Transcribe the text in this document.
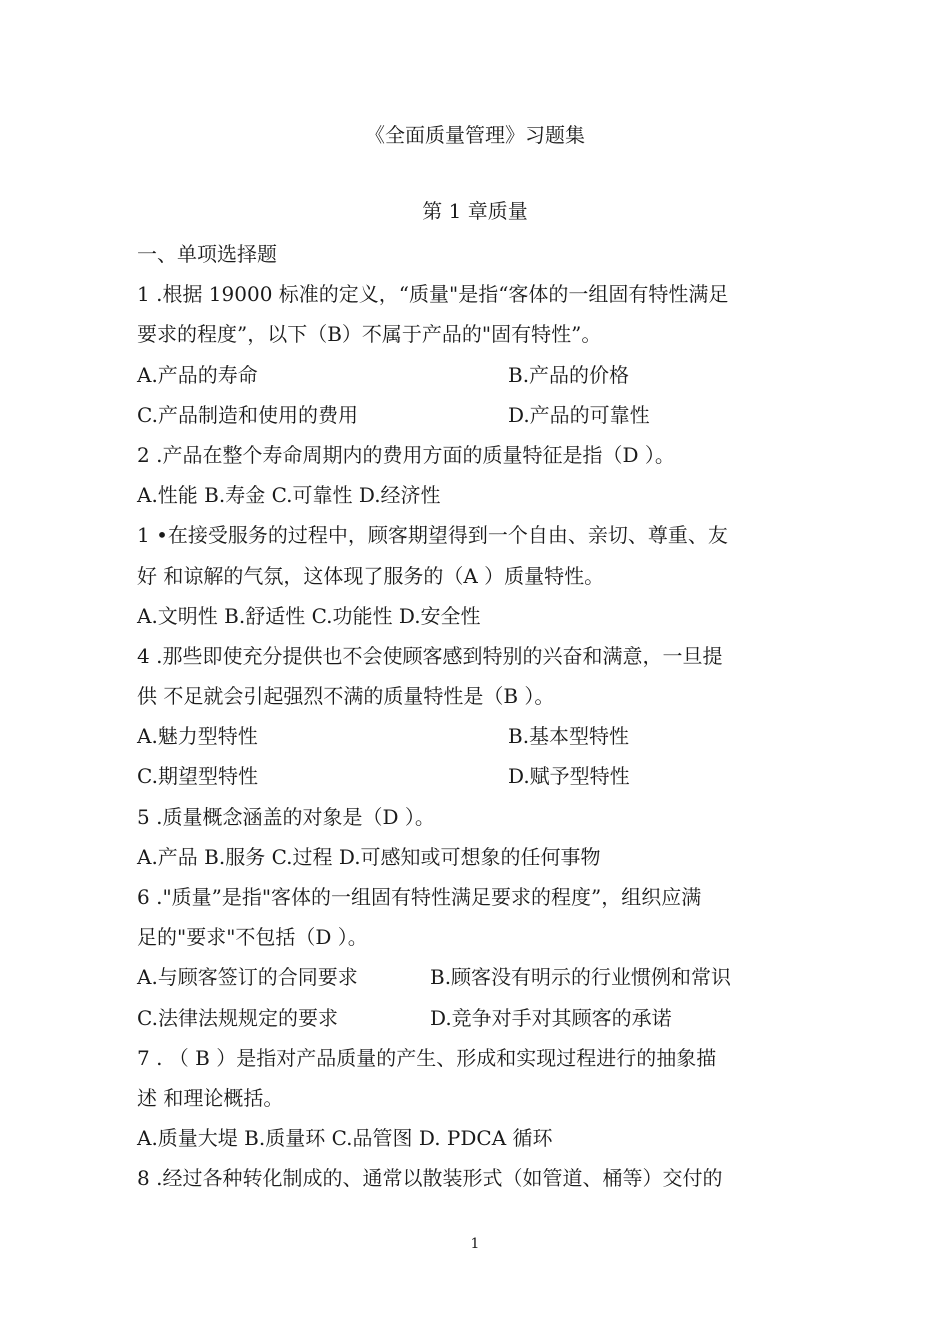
《全面质量管理》习题集
第 1 章质量
一、单项选择题
1 .根据 19000 标准的定义，“质量"是指“客体的一组固有特性满足
要求的程度”，以下（B）不属于产品的"固有特性”。
A.产品的寿命	B.产品的价格
C.产品制造和使用的费用	D.产品的可靠性
2 .产品在整个寿命周期内的费用方面的质量特征是指（D ）。
A.性能 B.寿金 C.可靠性 D.经济性
1 •在接受服务的过程中，顾客期望得到一个自由、亲切、尊重、友
好 和谅解的气氛，这体现了服务的（A ）质量特性。
A.文明性 B.舒适性 C.功能性 D.安全性
4 .那些即使充分提供也不会使顾客感到特别的兴奋和满意，一旦提
供 不足就会引起强烈不满的质量特性是（B ）。
A.魅力型特性	B.基本型特性
C.期望型特性	D.赋予型特性
5 .质量概念涵盖的对象是（D ）。
A.产品 B.服务 C.过程 D.可感知或可想象的任何事物
6 ."质量”是指"客体的一组固有特性满足要求的程度”，组织应满
足的"要求"不包括（D ）。
A.与顾客签订的合同要求	B.顾客没有明示的行业惯例和常识
C.法律法规规定的要求	D.竞争对手对其顾客的承诺
7 . （ B ）是指对产品质量的产生、形成和实现过程进行的抽象描
述 和理论概括。
A.质量大堤 B.质量环 C.品管图 D. PDCA 循环
8 .经过各种转化制成的、通常以散装形式（如管道、桶等）交付的
1
